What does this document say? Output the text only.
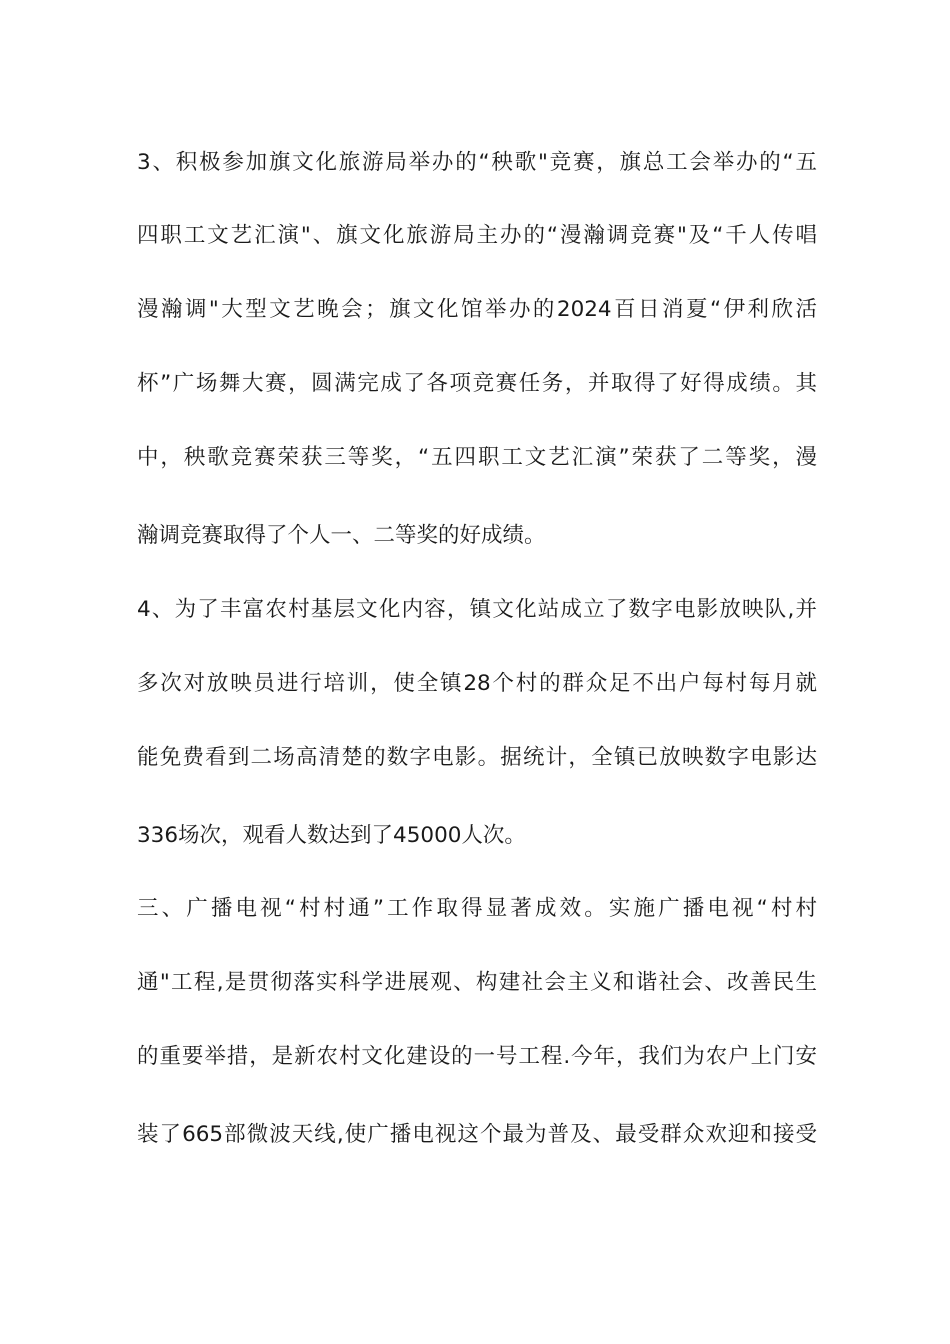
3、积极参加旗文化旅游局举办的“秧歌"竞赛，旗总工会举办的“五
四职工文艺汇演"、旗文化旅游局主办的“漫瀚调竞赛"及“千人传唱
漫瀚调"大型文艺晚会；旗文化馆举办的2024百日消夏“伊利欣活
杯”广场舞大赛，圆满完成了各项竞赛任务，并取得了好得成绩。其
中，秧歌竞赛荣获三等奖，“五四职工文艺汇演”荣获了二等奖，漫
瀚调竞赛取得了个人一、二等奖的好成绩。
4、为了丰富农村基层文化内容，镇文化站成立了数字电影放映队,并
多次对放映员进行培训，使全镇28个村的群众足不出户每村每月就
能免费看到二场高清楚的数字电影。据统计，全镇已放映数字电影达
336场次，观看人数达到了45000人次。
三、广播电视“村村通”工作取得显著成效。实施广播电视“村村
通"工程,是贯彻落实科学进展观、构建社会主义和谐社会、改善民生
的重要举措，是新农村文化建设的一号工程.今年，我们为农户上门安
装了665部微波天线,使广播电视这个最为普及、最受群众欢迎和接受
